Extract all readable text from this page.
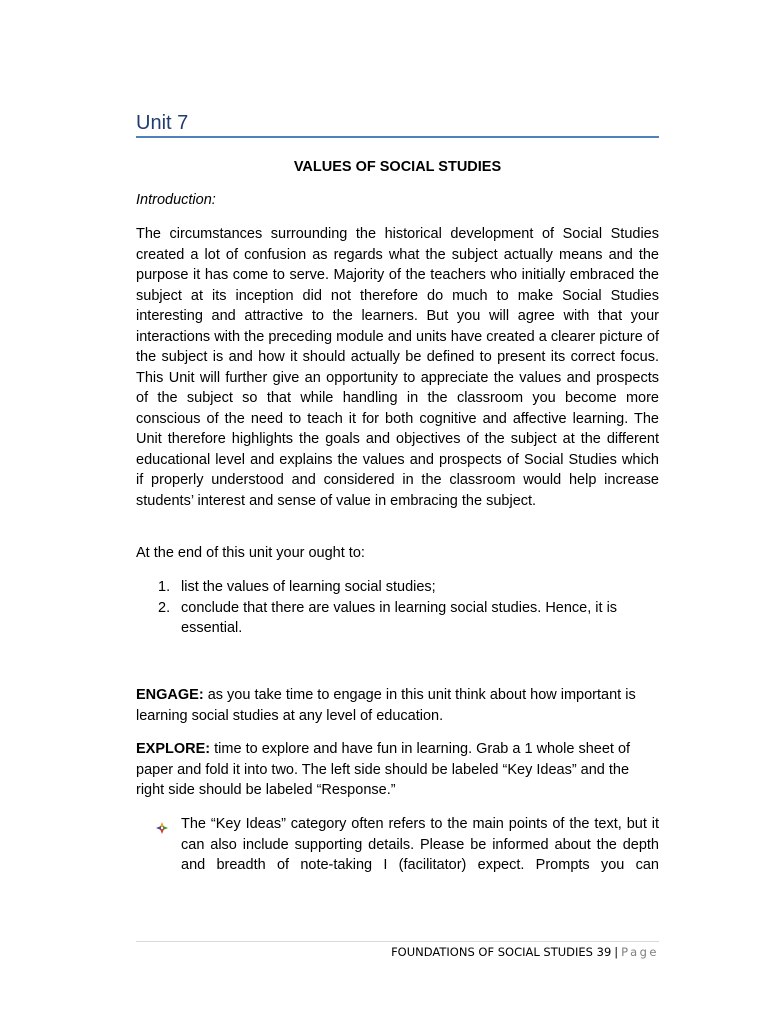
Unit 7
VALUES OF SOCIAL STUDIES
Introduction:
The circumstances surrounding the historical development of Social Studies created a lot of confusion as regards what the subject actually means and the purpose it has come to serve. Majority of the teachers who initially embraced the subject at its inception did not therefore do much to make Social Studies interesting and attractive to the learners. But you will agree with that your interactions with the preceding module and units have created a clearer picture of the subject is and how it should actually be defined to present its correct focus. This Unit will further give an opportunity to appreciate the values and prospects of the subject so that while handling in the classroom you become more conscious of the need to teach it for both cognitive and affective learning. The Unit therefore highlights the goals and objectives of the subject at the different educational level and explains the values and prospects of Social Studies which if properly understood and considered in the classroom would help increase students’ interest and sense of value in embracing the subject.
At the end of this unit your ought to:
1. list the values of learning social studies;
2. conclude that there are values in learning social studies. Hence, it is essential.
ENGAGE: as you take time to engage in this unit think about how important is learning social studies at any level of education.
EXPLORE: time to explore and have fun in learning. Grab a 1 whole sheet of paper and fold it into two. The left side should be labeled “Key Ideas” and the right side should be labeled “Response.”
The “Key Ideas” category often refers to the main points of the text, but it can also include supporting details. Please be informed about the depth and breadth of note-taking I (facilitator) expect. Prompts you can
FOUNDATIONS OF SOCIAL STUDIES 39 | Page
